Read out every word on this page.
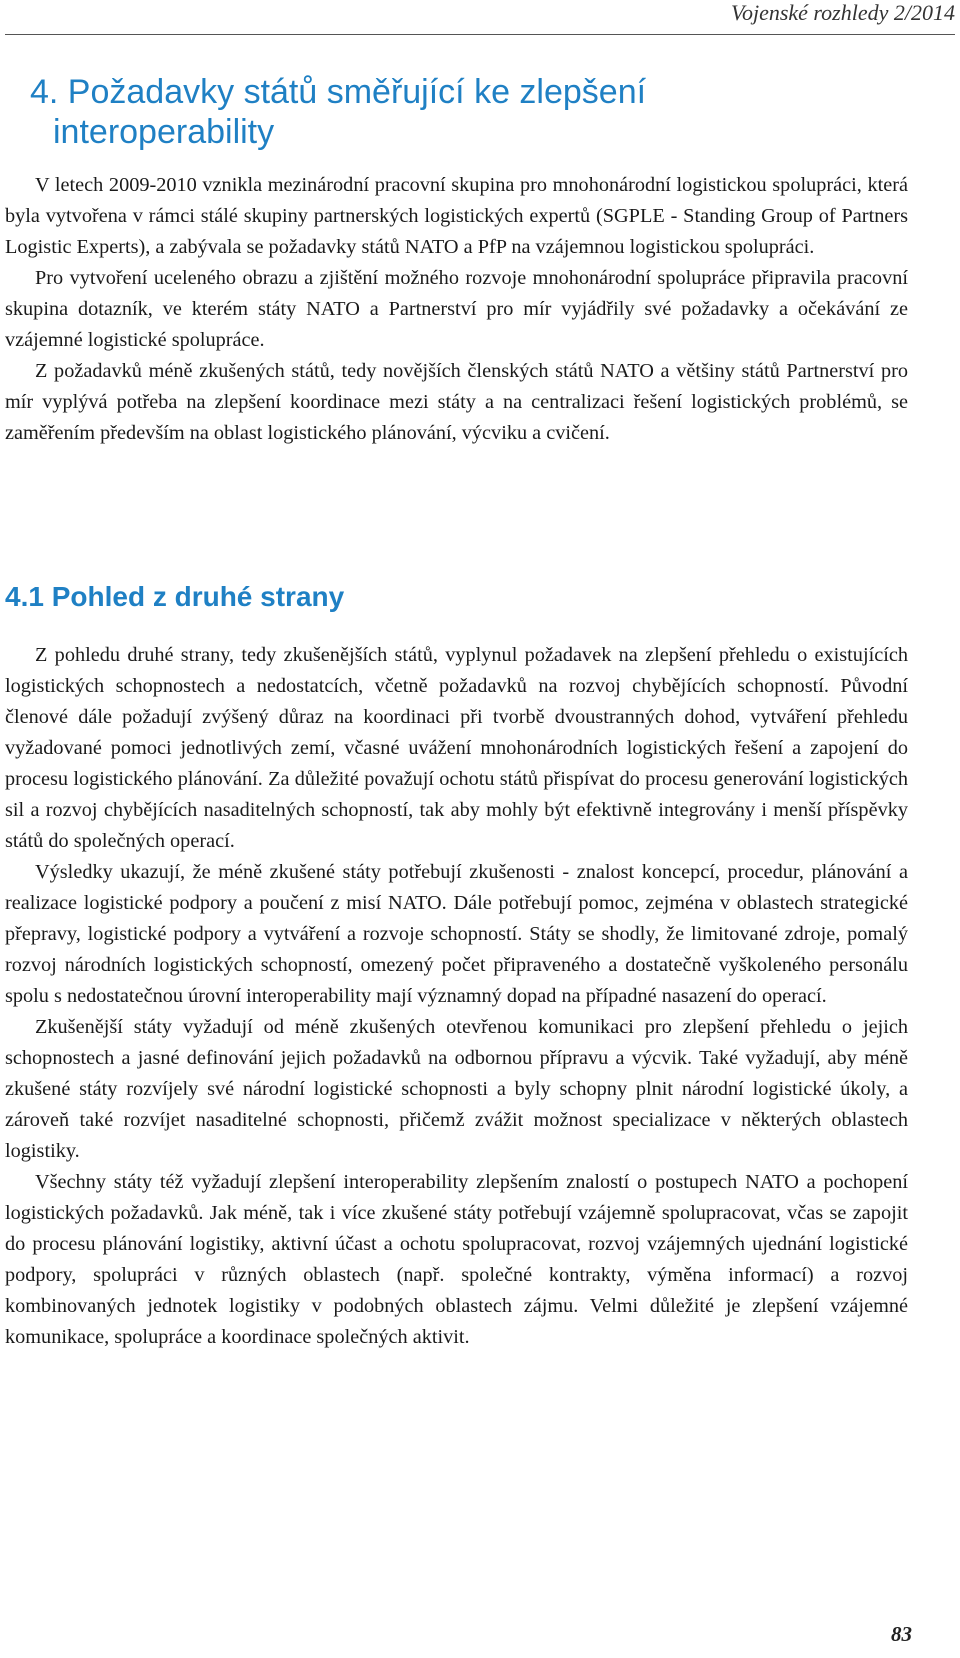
Vojenské rozhledy 2/2014
4. Požadavky států směřující ke zlepšení
interoperability

V letech 2009-2010 vznikla mezinárodní pracovní skupina pro mnohonárodní logistickou spolupráci, která byla vytvořena v rámci stálé skupiny partnerských logistických expertů (SGPLE - Standing Group of Partners Logistic Experts), a zabývala se požadavky států NATO a PfP na vzájemnou logistickou spolupráci.

Pro vytvoření uceleného obrazu a zjištění možného rozvoje mnohonárodní spolupráce připravila pracovní skupina dotazník, ve kterém státy NATO a Partnerství pro mír vyjádřily své požadavky a očekávání ze vzájemné logistické spolupráce.

Z požadavků méně zkušených států, tedy novějších členských států NATO a většiny států Partnerství pro mír vyplývá potřeba na zlepšení koordinace mezi státy a na centralizaci řešení logistických problémů, se zaměřením především na oblast logistického plánování, výcviku a cvičení.

4.1 Pohled z druhé strany

Z pohledu druhé strany, tedy zkušenějších států, vyplynul požadavek na zlepšení přehledu o existujících logistických schopnostech a nedostatcích, včetně požadavků na rozvoj chybějících schopností. Původní členové dále požadují zvýšený důraz na koordinaci při tvorbě dvoustranných dohod, vytváření přehledu vyžadované pomoci jednotlivých zemí, včasné uvážení mnohonárodních logistických řešení a zapojení do procesu logistického plánování. Za důležité považují ochotu států přispívat do procesu generování logistických sil a rozvoj chybějících nasaditelných schopností, tak aby mohly být efektivně integrovány i menší příspěvky států do společných operací.

Výsledky ukazují, že méně zkušené státy potřebují zkušenosti - znalost koncepcí, procedur, plánování a realizace logistické podpory a poučení z misí NATO. Dále potřebují pomoc, zejména v oblastech strategické přepravy, logistické podpory a vytváření a rozvoje schopností. Státy se shodly, že limitované zdroje, pomalý rozvoj národních logistických schopností, omezený počet připraveného a dostatečně vyškoleného personálu spolu s nedostatečnou úrovní interoperability mají významný dopad na případné nasazení do operací.

Zkušenější státy vyžadují od méně zkušených otevřenou komunikaci pro zlepšení přehledu o jejich schopnostech a jasné definování jejich požadavků na odbornou přípravu a výcvik. Také vyžadují, aby méně zkušené státy rozvíjely své národní logistické schopnosti a byly schopny plnit národní logistické úkoly, a zároveň také rozvíjet nasaditelné schopnosti, přičemž zvážit možnost specializace v některých oblastech logistiky.

Všechny státy též vyžadují zlepšení interoperability zlepšením znalostí o postupech NATO a pochopení logistických požadavků. Jak méně, tak i více zkušené státy potřebují vzájemně spolupracovat, včas se zapojit do procesu plánování logistiky, aktivní účast a ochotu spolupracovat, rozvoj vzájemných ujednání logistické podpory, spolupráci v různých oblastech (např. společné kontrakty, výměna informací) a rozvoj kombinovaných jednotek logistiky v podobných oblastech zájmu. Velmi důležité je zlepšení vzájemné komunikace, spolupráce a koordinace společných aktivit.

83
